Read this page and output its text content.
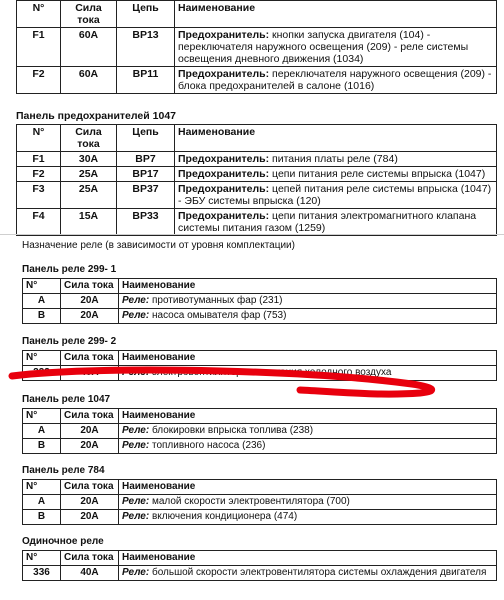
N°	Сила тока	Цепь	Наименование
F1	60A	BP13	Предохранитель: кнопки запуска двигателя (104) - переключателя наружного освещения (209) - реле системы освещения дневного движения (1034)
F2	60A	BP11	Предохранитель: переключателя наружного освещения (209) - блока предохранителей в салоне (1016)
Панель предохранителей 1047
N°	Сила тока	Цепь	Наименование
F1	30A	BP7	Предохранитель: питания платы реле (784)
F2	25A	BP17	Предохранитель: цепи питания реле системы впрыска (1047)
F3	25A	BP37	Предохранитель: цепей питания реле системы впрыска (1047) - ЭБУ системы впрыска (120)
F4	15A	BP33	Предохранитель: цепи питания электромагнитного клапана системы питания газом (1259)
Назначение реле (в зависимости от уровня комплектации)
Панель реле 299- 1
N°	Сила тока	Наименование
A	20A	Реле: противотуманных фар (231)
B	20A	Реле: насоса омывателя фар (753)
Панель реле 299- 2
N°	Сила тока	Наименование
233	40A	Реле: электровентилятора нагнетания холодного воздуха
Панель реле 1047
N°	Сила тока	Наименование
A	20A	Реле: блокировки впрыска топлива (238)
B	20A	Реле: топливного насоса (236)
Панель реле 784
N°	Сила тока	Наименование
A	20A	Реле: малой скорости электровентилятора (700)
B	20A	Реле: включения кондиционера (474)
Одиночное реле
N°	Сила тока	Наименование
336	40A	Реле: большой скорости электровентилятора системы охлаждения двигателя
